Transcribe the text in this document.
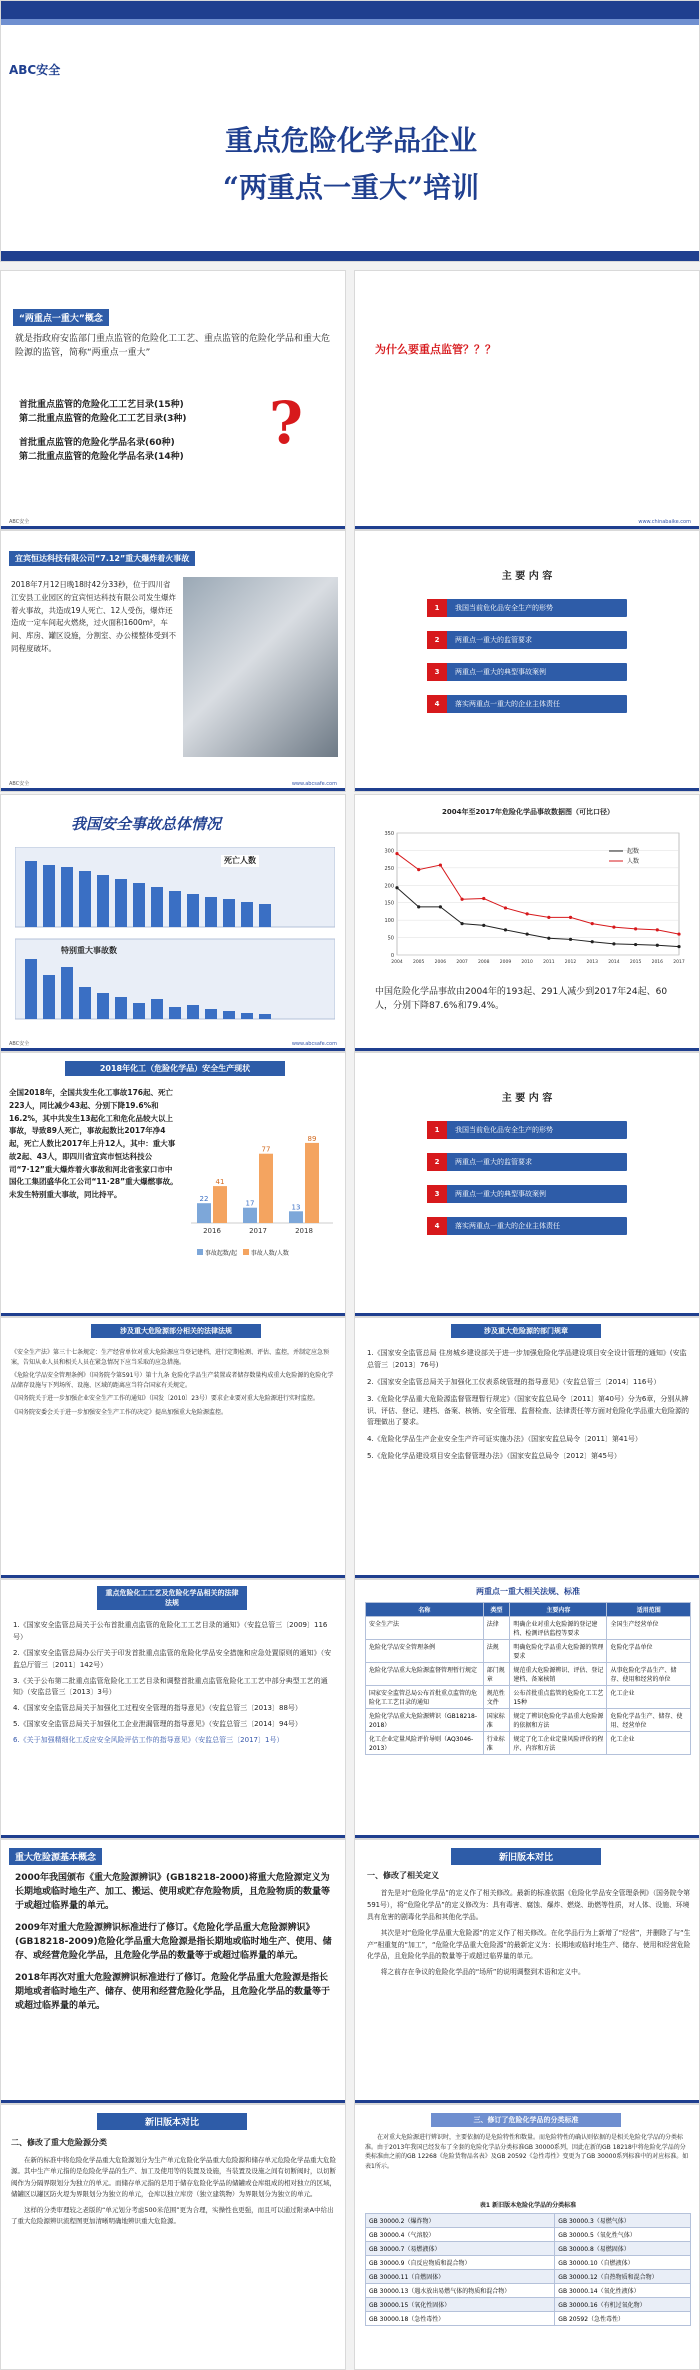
ABC安全
重点危险化学品企业
“两重点一重大”培训
“两重点一重大”概念
就是指政府安监部门重点监管的危险化工工艺、重点监管的危险化学品和重大危险源的监管，简称“两重点一重大”
首批重点监管的危险化工工艺目录(15种)
第二批重点监管的危险化工工艺目录(3种)
首批重点监管的危险化学品名录(60种)
第二批重点监管的危险化学品名录(14种)	?
ABC安全
为什么要重点监管？？？
www.chinabaike.com
宜宾恒达科技有限公司“7.12”重大爆炸着火事故
2018年7月12日晚18时42分33秒，位于四川省江安县工业园区的宜宾恒达科技有限公司发生爆炸着火事故，共造成19人死亡、12人受伤，爆炸还造成一定车间起火燃烧，过火面积1600m²，车间、库房、罐区设施，分割室、办公楼整体受到不同程度破坏。
ABC安全	www.abcsafe.com
主 要 内 容
1	我国当前危化品安全生产的形势
2	两重点一重大的监管要求
3	两重点一重大的典型事故案例
4	落实两重点一重大的企业主体责任
我国安全事故总体情况
死亡人数
特别重大事故数
ABC安全	www.abcsafe.com
2004年至2017年危险化学品事故数据图（可比口径）
0
50
100
150
200
250
300
350
2004 2005 2006 2007 2008 2009 2010 2011 2012 2013 2014 2015 2016 2017
起数
人数
中国危险化学品事故由2004年的193起、291人减少到2017年24起、60人，分别下降87.6%和79.4%。
2018年化工（危险化学品）安全生产现状
全国2018年，全国共发生化工事故176起、死亡223人，同比减少43起、分别下降19.6%和16.2%，其中共发生13起化工和危化品较大以上事故，导致89人死亡，事故起数比2017年净4起，死亡人数比2017年上升12人，其中：重大事故2起、43人，即四川省宜宾市恒达科技公司“7·12”重大爆炸着火事故和河北省张家口市中国化工集团盛华化工公司“11·28”重大爆燃事故。未发生特别重大事故，同比持平。
22
41
2016
17
77
2017
13
89
2018
事故起数/起 事故人数/人数
主 要 内 容
1	我国当前危化品安全生产的形势
2	两重点一重大的监管要求
3	两重点一重大的典型事故案例
4	落实两重点一重大的企业主体责任
涉及重大危险源部分相关的法律法规

《安全生产法》第三十七条规定：生产经营单位对重大危险源应当登记建档，进行定期检测、评估、监控，并制定应急预案，告知从业人员和相关人员在紧急情况下应当采取的应急措施。

《危险化学品安全管理条例》（国务院令第591号）第十九条 危险化学品生产装置或者储存数量构成重大危险源的危险化学品储存设施与下列场所、设施、区域的距离应当符合国家有关规定。

《国务院关于进一步加强企业安全生产工作的通知》（国发〔2010〕23号）要求企业要对重大危险源进行实时监控。

《国务院安委会关于进一步加强安全生产工作的决定》提出加强重大危险源监控。

涉及重大危险源的部门规章

1.《国家安全监管总局 住房城乡建设部关于进一步加强危险化学品建设项目安全设计管理的通知》(安监总管三〔2013〕76号)

2.《国家安全监管总局关于加强化工仪表系统管理的指导意见》（安监总管三〔2014〕116号）

3.《危险化学品重大危险源监督管理暂行规定》（国家安监总局令〔2011〕第40号）分为6章，分别从辨识、评估、登记、建档、备案、核销、安全管理、监督检查、法律责任等方面对危险化学品重大危险源的管理做出了要求。

4.《危险化学品生产企业安全生产许可证实施办法》（国家安监总局令〔2011〕第41号）

5.《危险化学品建设项目安全监督管理办法》（国家安监总局令〔2012〕第45号）

重点危险化工工艺及危险化学品相关的法律法规

1.《国家安全监管总局关于公布首批重点监管的危险化工工艺目录的通知》（安监总管三〔2009〕116号）

2.《国家安全监管总局办公厅关于印发首批重点监管的危险化学品安全措施和应急处置原则的通知》（安监总厅管三〔2011〕142号）

3.《关于公布第二批重点监管危险化工工艺目录和调整首批重点监管危险化工工艺中部分典型工艺的通知》（安监总管三〔2013〕3号）

4.《国家安全监管总局关于加强化工过程安全管理的指导意见》（安监总管三〔2013〕88号）

5.《国家安全监管总局关于加强化工企业泄漏管理的指导意见》（安监总管三〔2014〕94号）

6.《关于加强精细化工反应安全风险评估工作的指导意见》（安监总管三〔2017〕1号）

两重点一重大相关法规、标准
名称	类型	主要内容	适用范围
安全生产法	法律	明确企业对重大危险源的登记建档、检测评估监控等要求	全国生产经营单位
危险化学品安全管理条例	法规	明确危险化学品重大危险源的管理要求	危险化学品单位
危险化学品重大危险源监督管理暂行规定	部门规章	规范重大危险源辨识、评估、登记建档、备案核销	从事危险化学品生产、储存、使用和经营的单位
国家安全监管总局公布首批重点监管的危险化工工艺目录的通知	规范性文件	公布首批重点监管的危险化工工艺15种	化工企业
危险化学品重大危险源辨识（GB18218-2018）	国家标准	规定了辨识危险化学品重大危险源的依据和方法	危险化学品生产、储存、使用、经营单位
化工企业定量风险评价导则（AQ3046-2013）	行业标准	规定了化工企业定量风险评价的程序、内容和方法	化工企业
重大危险源基本概念

2000年我国颁布《重大危险源辨识》(GB18218-2000)将重大危险源定义为长期地或临时地生产、加工、搬运、使用或贮存危险物质，且危险物质的数量等于或超过临界量的单元。

2009年对重大危险源辨识标准进行了修订。《危险化学品重大危险源辨识》(GB18218-2009)危险化学品重大危险源是指长期地或临时地生产、使用、储存、或经营危险化学品，且危险化学品的数量等于或超过临界量的单元。

2018年再次对重大危险源辨识标准进行了修订。危险化学品重大危险源是指长期地或者临时地生产、储存、使用和经营危险化学品，且危险化学品的数量等于或超过临界量的单元。

新旧版本对比
一、修改了相关定义

首先是对“危险化学品”的定义作了相关修改。最新的标准依据《危险化学品安全管理条例》（国务院令第591号），将“危险化学品”的定义修改为：具有毒害、腐蚀、爆炸、燃烧、助燃等性质，对人体、设施、环境具有危害的剧毒化学品和其他化学品。

其次是对“危险化学品重大危险源”的定义作了相关修改。在化学品行为上新增了“经营”，并删除了与“生产”相重复的“加工”，“危险化学品重大危险源”的最新定义为：长期地或临时地生产、储存、使用和经营危险化学品，且危险化学品的数量等于或超过临界量的单元。

将之前存在争议的危险化学品的“场所”的说明调整到术语和定义中。

新旧版本对比
二、修改了重大危险源分类

在新的标准中将危险化学品重大危险源划分为生产单元危险化学品重大危险源和储存单元危险化学品重大危险源。其中生产单元指的是危险化学品的生产、加工及使用等的装置及设施，当装置及设施之间有切断阀时，以切断阀作为分隔界限划分为独立的单元。而储存单元指的是用于储存危险化学品的储罐或仓库组成的相对独立的区域，储罐区以罐区防火堤为界限划分为独立的单元，仓库以独立库房（独立建筑物）为界限划分为独立的单元。

这样的分类审理较之老版的“单元划分考虑500米范围”更为合理，实操性也更强，而且可以通过附录A中给出了重大危险源辨识流程图更加清晰明确地辨识重大危险源。

三、修订了危险化学品的分类标准
在对重大危险源进行辨识时，主要依据的是危险特性和数量。而危险特性的确认则依据的是相关危险化学品的分类标准。由于2013年我国已经发布了全套的危险化学品分类标准GB 30000系列，因此在新的GB 18218中将危险化学品的分类标准由之前的GB 12268《危险货物品名表》及GB 20592《急性毒性》变更为了GB 30000系列标准中的对应标准。如表1所示。
表1 新旧版本危险化学品的分类标准
GB 30000.2（爆炸物）	GB 30000.3（易燃气体）
GB 30000.4（气溶胶）	GB 30000.5（氧化性气体）
GB 30000.7（易燃液体）	GB 30000.8（易燃固体）
GB 30000.9（自反应物质和混合物）	GB 30000.10（自燃液体）
GB 30000.11（自燃固体）	GB 30000.12（自热物质和混合物）
GB 30000.13（遇水放出易燃气体的物质和混合物）	GB 30000.14（氧化性液体）
GB 30000.15（氧化性固体）	GB 30000.16（有机过氧化物）
GB 30000.18（急性毒性）	GB 20592（急性毒性）
